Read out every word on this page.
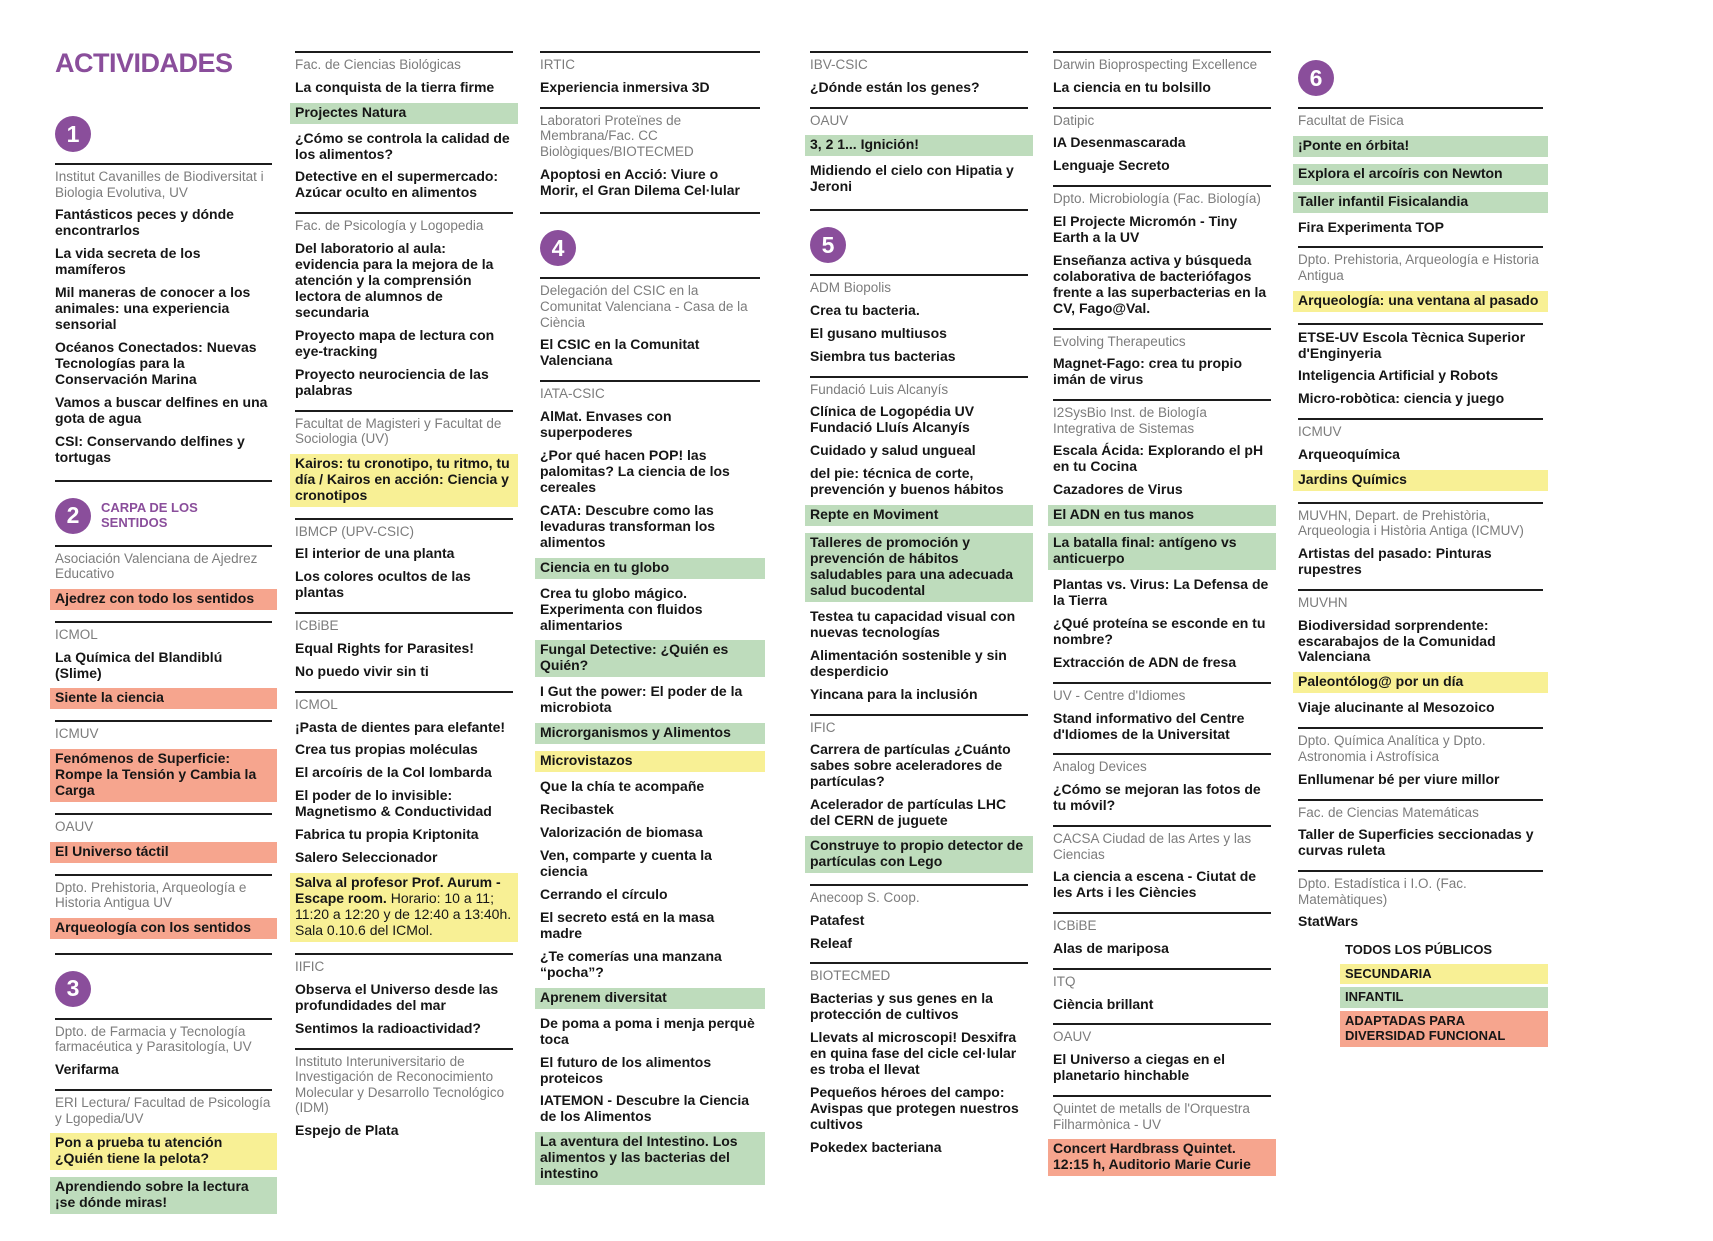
ACTIVIDADES
1
Institut Cavanilles de Biodiversitat i Biologia Evolutiva, UV
Fantásticos peces y dónde encontrarlos
La vida secreta de los mamíferos
Mil maneras de conocer a los animales: una experiencia sensorial
Océanos Conectados: Nuevas Tecnologías para la Conservación Marina
Vamos a buscar delfines en una gota de agua
CSI: Conservando delfines y tortugas
2	CARPA DE LOS SENTIDOS
Asociación Valenciana de Ajedrez Educativo
Ajedrez con todo los sentidos
ICMOL
La Química del Blandiblú (Slime)
Siente la ciencia
ICMUV
Fenómenos de Superficie: Rompe la Tensión y Cambia la Carga
OAUV
El Universo táctil
Dpto. Prehistoria, Arqueología e Historia Antigua UV
Arqueología con los sentidos
3
Dpto. de Farmacia y Tecnología farmacéutica y Parasitología, UV
Verifarma
ERI Lectura/ Facultad de Psicología y Lgopedia/UV
Pon a prueba tu atención ¿Quién tiene la pelota?
Aprendiendo sobre la lectura ¡se dónde miras!
Fac. de Ciencias Biológicas
La conquista de la tierra firme
Projectes Natura
¿Cómo se controla la calidad de los alimentos?
Detective en el supermercado: Azúcar oculto en alimentos
Fac. de Psicología y Logopedia
Del laboratorio al aula: evidencia para la mejora de la atención y la comprensión lectora de alumnos de secundaria
Proyecto mapa de lectura con eye-tracking
Proyecto neurociencia de las palabras
Facultat de Magisteri y Facultat de Sociologia (UV)
Kairos: tu cronotipo, tu ritmo, tu día / Kairos en acción: Ciencia y cronotipos
IBMCP (UPV-CSIC)
El interior de una planta
Los colores ocultos de las plantas
ICBiBE
Equal Rights for Parasites!
No puedo vivir sin ti
ICMOL
¡Pasta de dientes para elefante!
Crea tus propias moléculas
El arcoíris de la Col lombarda
El poder de lo invisible: Magnetismo & Conductividad
Fabrica tu propia Kriptonita
Salero Seleccionador
Salva al profesor Prof. Aurum - Escape room. Horario: 10 a 11; 11:20 a 12:20 y de 12:40 a 13:40h. Sala 0.10.6 del ICMol.
IIFIC
Observa el Universo desde las profundidades del mar
Sentimos la radioactividad?
Instituto Interuniversitario de Investigación de Reconocimiento Molecular y Desarrollo Tecnológico (IDM)
Espejo de Plata
IRTIC
Experiencia inmersiva 3D
Laboratori Proteïnes de Membrana/Fac. CC Biològiques/BIOTECMED
Apoptosi en Acció: Viure o Morir, el Gran Dilema Cel·lular
4
Delegación del CSIC en la Comunitat Valenciana - Casa de la Ciència
El CSIC en la Comunitat Valenciana
IATA-CSIC
AlMat. Envases con superpoderes
¿Por qué hacen POP! las palomitas? La ciencia de los cereales
CATA: Descubre como las levaduras transforman los alimentos
Ciencia en tu globo
Crea tu globo mágico. Experimenta con fluidos alimentarios
Fungal Detective: ¿Quién es Quién?
I Gut the power: El poder de la microbiota
Microrganismos y Alimentos
Microvistazos
Que la chía te acompañe
Recibastek
Valorización de biomasa
Ven, comparte y cuenta la ciencia
Cerrando el círculo
El secreto está en la masa madre
¿Te comerías una manzana “pocha”?
Aprenem diversitat
De poma a poma i menja perquè toca
El futuro de los alimentos proteicos
IATEMON - Descubre la Ciencia de los Alimentos
La aventura del Intestino. Los alimentos y las bacterias del intestino
IBV-CSIC
¿Dónde están los genes?
OAUV
3, 2 1... Ignición!
Midiendo el cielo con Hipatia y Jeroni
5
ADM Biopolis
Crea tu bacteria.
El gusano multiusos
Siembra tus bacterias
Fundació Luis Alcanyís
Clínica de Logopédia UV Fundació Lluís Alcanyís
Cuidado y salud ungueal
del pie: técnica de corte, prevención y buenos hábitos
Repte en Moviment
Talleres de promoción y prevención de hábitos saludables para una adecuada salud bucodental
Testea tu capacidad visual con nuevas tecnologías
Alimentación sostenible y sin desperdicio
Yincana para la inclusión
IFIC
Carrera de partículas ¿Cuánto sabes sobre aceleradores de partículas?
Acelerador de partículas LHC del CERN de juguete
Construye to propio detector de partículas con Lego
Anecoop S. Coop.
Patafest
Releaf
BIOTECMED
Bacterias y sus genes en la protección de cultivos
Llevats al microscopi! Desxifra en quina fase del cicle cel·lular es troba el llevat
Pequeños héroes del campo: Avispas que protegen nuestros cultivos
Pokedex bacteriana
Darwin Bioprospecting Excellence
La ciencia en tu bolsillo
Datipic
IA Desenmascarada
Lenguaje Secreto
Dpto. Microbiología (Fac. Biología)
El Projecte Micromón - Tiny Earth a la UV
Enseñanza activa y búsqueda colaborativa de bacteriófagos frente a las superbacterias en la CV, Fago@Val.
Evolving Therapeutics
Magnet-Fago: crea tu propio imán de virus
I2SysBio Inst. de Biología Integrativa de Sistemas
Escala Ácida: Explorando el pH en tu Cocina
Cazadores de Virus
El ADN en tus manos
La batalla final: antígeno vs anticuerpo
Plantas vs. Virus: La Defensa de la Tierra
¿Qué proteína se esconde en tu nombre?
Extracción de ADN de fresa
UV - Centre d'Idiomes
Stand informativo del Centre d'Idiomes de la Universitat
Analog Devices
¿Cómo se mejoran las fotos de tu móvil?
CACSA Ciudad de las Artes y las Ciencias
La ciencia a escena - Ciutat de les Arts i les Ciències
ICBiBE
Alas de mariposa
ITQ
Ciència brillant
OAUV
El Universo a ciegas en el planetario hinchable
Quintet de metalls de l'Orquestra Filharmònica - UV
Concert Hardbrass Quintet. 12:15 h, Auditorio Marie Curie
6
Facultat de Fisica
¡Ponte en órbita!
Explora el arcoíris con Newton
Taller infantil Fisicalandia
Fira Experimenta TOP
Dpto. Prehistoria, Arqueología e Historia Antigua
Arqueología: una ventana al pasado
ETSE-UV Escola Tècnica Superior d'Enginyeria
Inteligencia Artificial y Robots
Micro-robòtica: ciencia y juego
ICMUV
Arqueoquímica
Jardins Químics
MUVHN, Depart. de Prehistòria, Arqueologia i Història Antiga (ICMUV)
Artistas del pasado: Pinturas rupestres
MUVHN
Biodiversidad sorprendente: escarabajos de la Comunidad Valenciana
Paleontólog@ por un día
Viaje alucinante al Mesozoico
Dpto. Química Analítica y Dpto. Astronomia i Astrofísica
Enllumenar bé per viure millor
Fac. de Ciencias Matemáticas
Taller de Superficies seccionadas y curvas ruleta
Dpto. Estadística i I.O. (Fac. Matemàtiques)
StatWars
TODOS LOS PÚBLICOS
SECUNDARIA
INFANTIL
ADAPTADAS PARA DIVERSIDAD FUNCIONAL
